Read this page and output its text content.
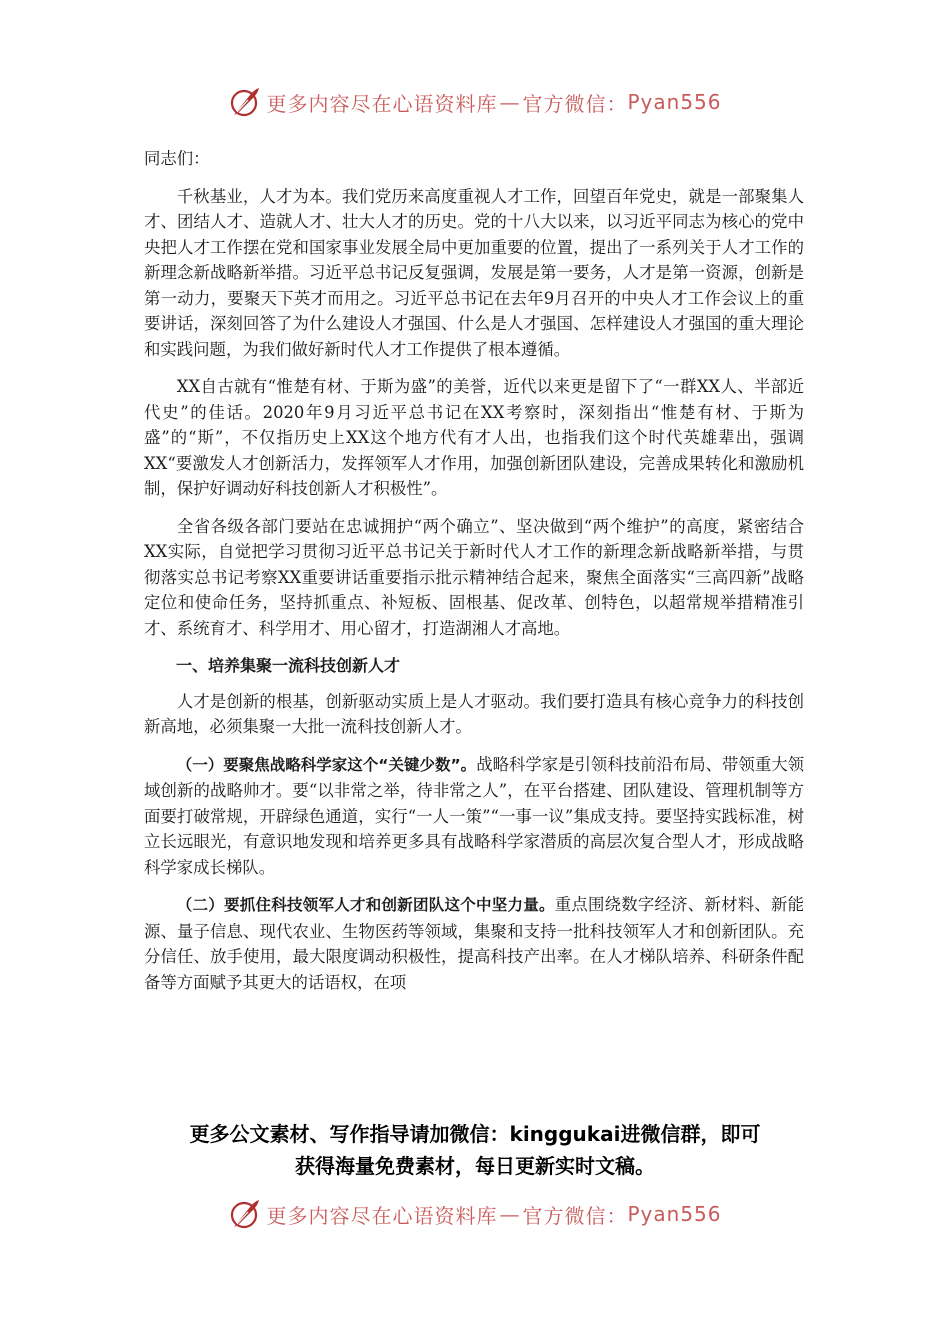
更多内容尽在心语资料库 — 官方微信： Pyan556

同志们：

千秋基业，人才为本。我们党历来高度重视人才工作，回望百年党史，就是一部聚集人才、团结人才、造就人才、壮大人才的历史。党的十八大以来，以习近平同志为核心的党中央把人才工作摆在党和国家事业发展全局中更加重要的位置，提出了一系列关于人才工作的新理念新战略新举措。习近平总书记反复强调，发展是第一要务，人才是第一资源，创新是第一动力，要聚天下英才而用之。习近平总书记在去年9月召开的中央人才工作会议上的重要讲话，深刻回答了为什么建设人才强国、什么是人才强国、怎样建设人才强国的重大理论和实践问题，为我们做好新时代人才工作提供了根本遵循。

XX自古就有“惟楚有材、于斯为盛”的美誉，近代以来更是留下了“一群XX人、半部近代史”的佳话。2020年9月习近平总书记在XX考察时，深刻指出“惟楚有材、于斯为盛”的“斯”，不仅指历史上XX这个地方代有才人出，也指我们这个时代英雄辈出，强调XX“要激发人才创新活力，发挥领军人才作用，加强创新团队建设，完善成果转化和激励机制，保护好调动好科技创新人才积极性”。

全省各级各部门要站在忠诚拥护“两个确立”、坚决做到“两个维护”的高度，紧密结合XX实际，自觉把学习贯彻习近平总书记关于新时代人才工作的新理念新战略新举措，与贯彻落实总书记考察XX重要讲话重要指示批示精神结合起来，聚焦全面落实“三高四新”战略定位和使命任务，坚持抓重点、补短板、固根基、促改革、创特色，以超常规举措精准引才、系统育才、科学用才、用心留才，打造湖湘人才高地。

一、培养集聚一流科技创新人才

人才是创新的根基，创新驱动实质上是人才驱动。我们要打造具有核心竞争力的科技创新高地，必须集聚一大批一流科技创新人才。

（一）要聚焦战略科学家这个“关键少数”。战略科学家是引领科技前沿布局、带领重大领域创新的战略帅才。要“以非常之举，待非常之人”，在平台搭建、团队建设、管理机制等方面要打破常规，开辟绿色通道，实行“一人一策”“一事一议”集成支持。要坚持实践标准，树立长远眼光，有意识地发现和培养更多具有战略科学家潜质的高层次复合型人才，形成战略科学家成长梯队。

（二）要抓住科技领军人才和创新团队这个中坚力量。重点围绕数字经济、新材料、新能源、量子信息、现代农业、生物医药等领域，集聚和支持一批科技领军人才和创新团队。充分信任、放手使用，最大限度调动积极性，提高科技产出率。在人才梯队培养、科研条件配备等方面赋予其更大的话语权，在项

更多公文素材、写作指导请加微信：kinggukai进微信群，即可
获得海量免费素材，每日更新实时文稿。
更多内容尽在心语资料库 — 官方微信： Pyan556
